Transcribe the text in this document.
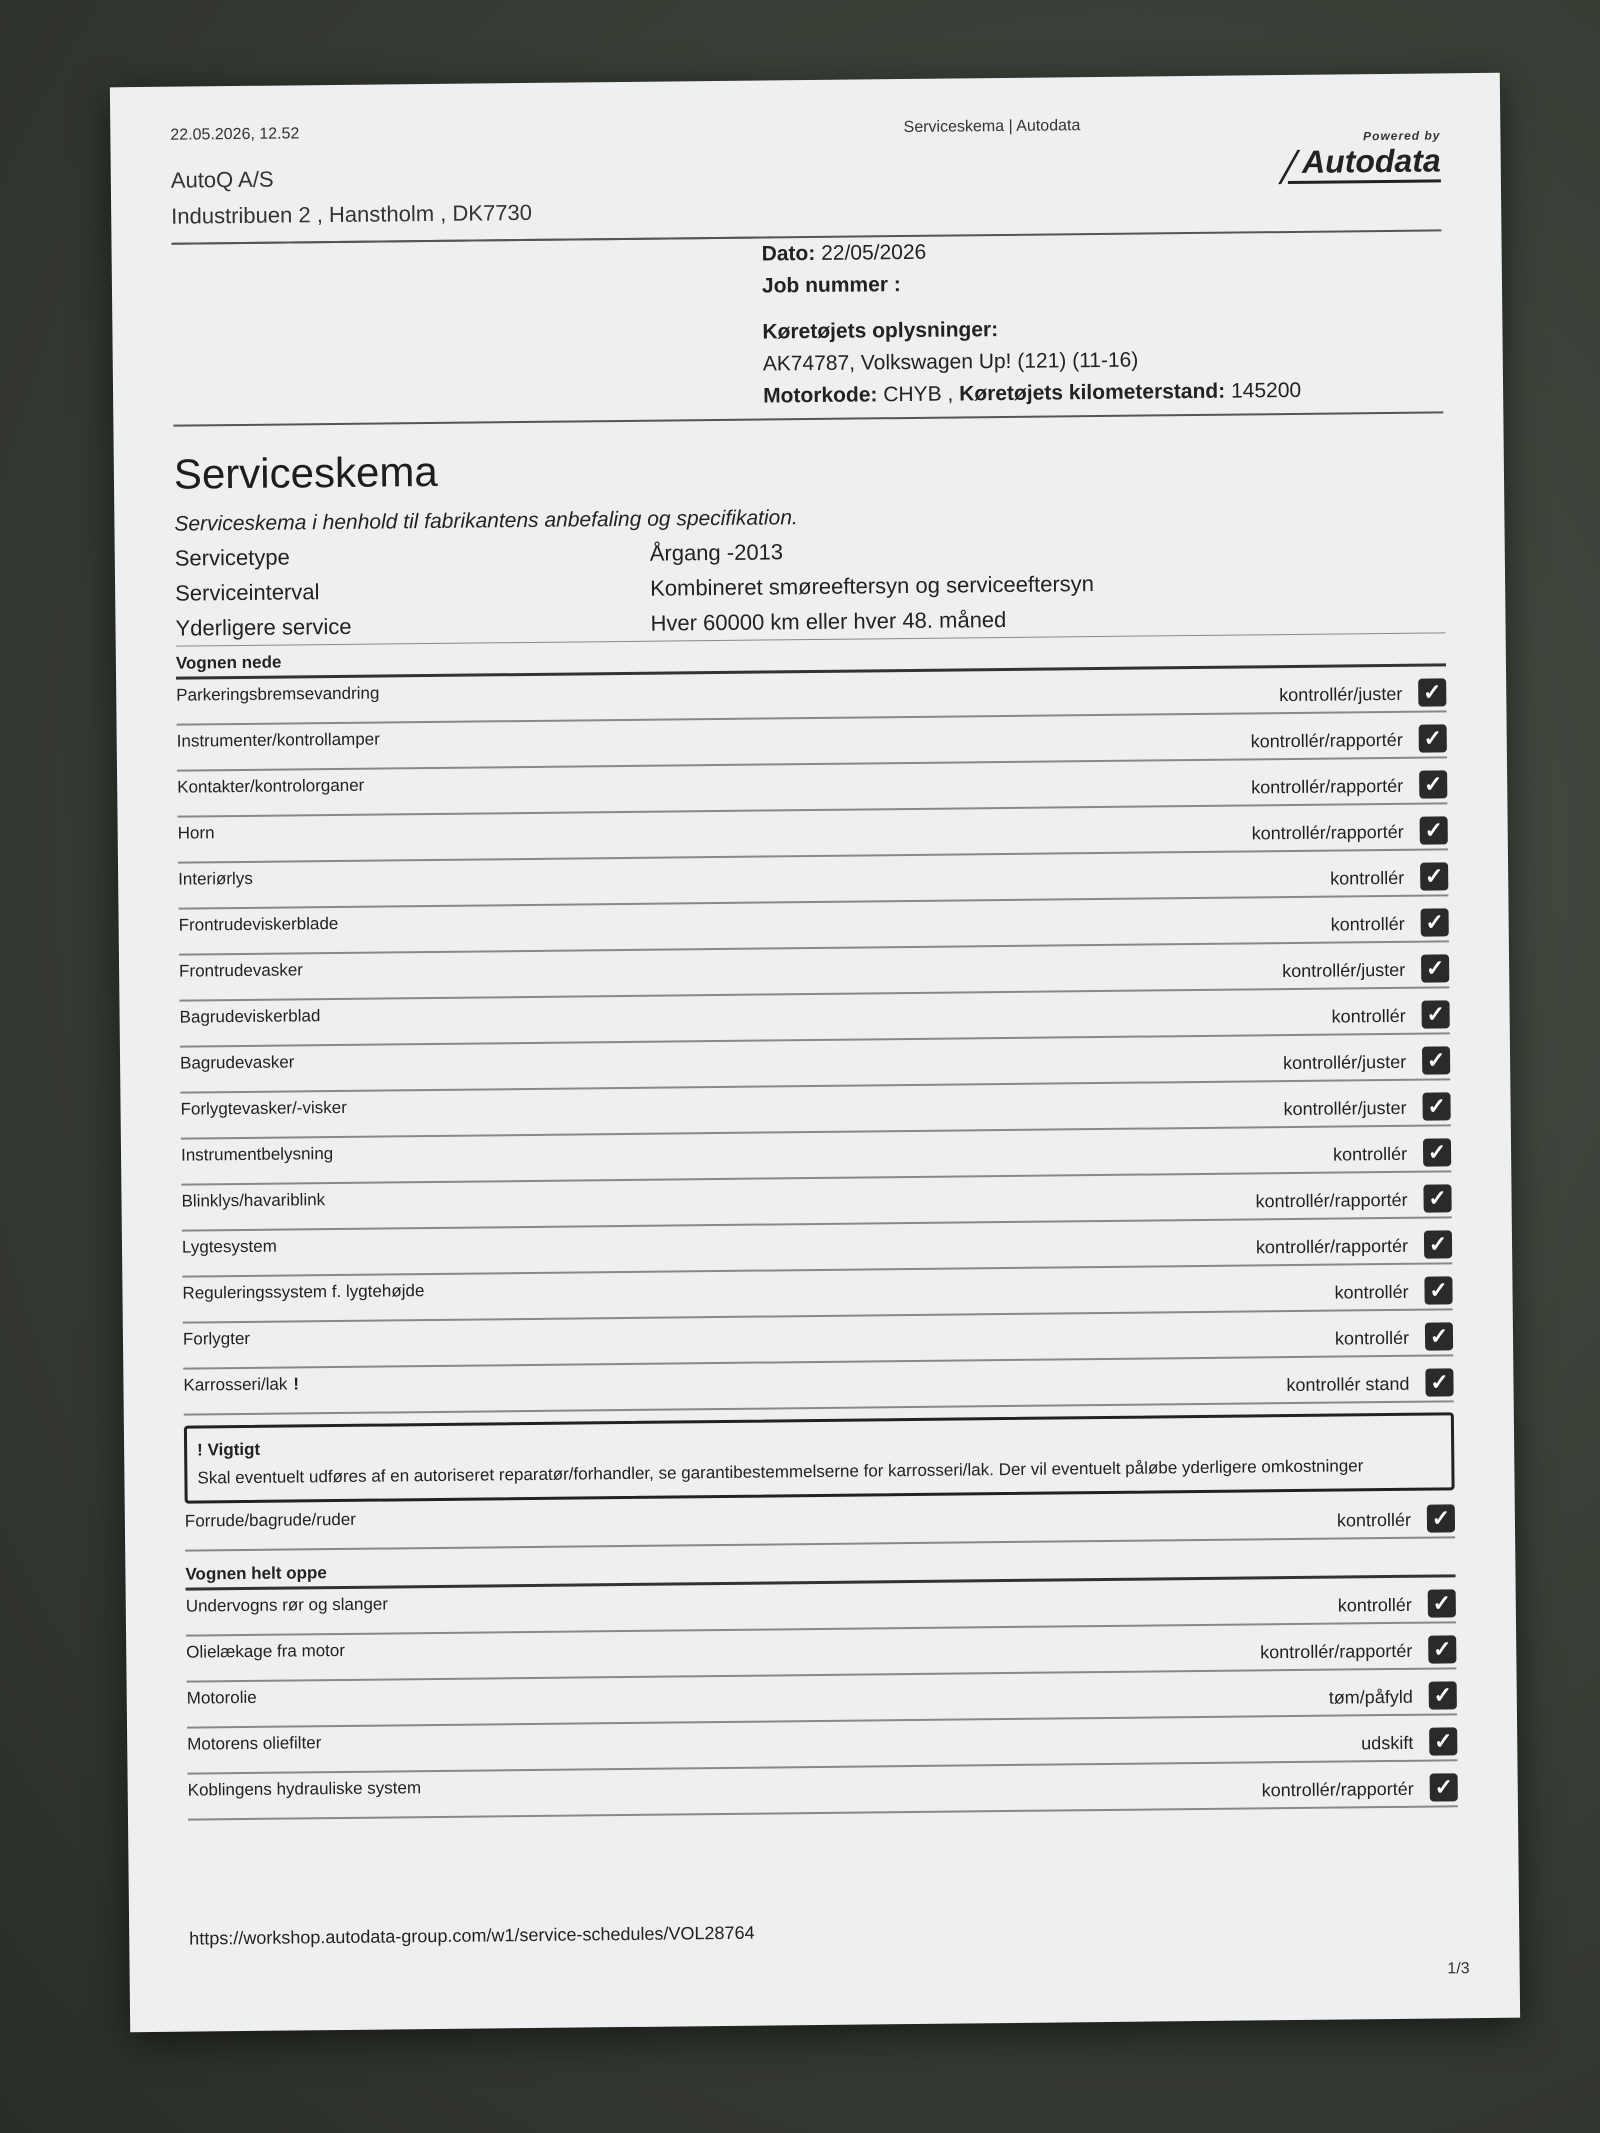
22.05.2026, 12.52	Serviceskema | Autodata	Powered by
Autodata
AutoQ A/S
Industribuen 2 , Hanstholm , DK7730
Dato: 22/05/2026
Job nummer :
Køretøjets oplysninger:
AK74787, Volkswagen Up! (121) (11-16)
Motorkode: CHYB , Køretøjets kilometerstand: 145200
Serviceskema
Serviceskema i henhold til fabrikantens anbefaling og specifikation.
Servicetype	Årgang -2013
Serviceinterval	Kombineret smøreeftersyn og serviceeftersyn
Yderligere service	Hver 60000 km eller hver 48. måned
Vognen nede
Parkeringsbremsevandring	kontrollér/juster ✓
Instrumenter/kontrollamper	kontrollér/rapportér ✓
Kontakter/kontrolorganer	kontrollér/rapportér ✓
Horn	kontrollér/rapportér ✓
Interiørlys	kontrollér ✓
Frontrudeviskerblade	kontrollér ✓
Frontrudevasker	kontrollér/juster ✓
Bagrudeviskerblad	kontrollér ✓
Bagrudevasker	kontrollér/juster ✓
Forlygtevasker/-visker	kontrollér/juster ✓
Instrumentbelysning	kontrollér ✓
Blinklys/havariblink	kontrollér/rapportér ✓
Lygtesystem	kontrollér/rapportér ✓
Reguleringssystem f. lygtehøjde	kontrollér ✓
Forlygter	kontrollér ✓
Karrosseri/lak !	kontrollér stand ✓
! Vigtigt
Skal eventuelt udføres af en autoriseret reparatør/forhandler, se garantibestemmelserne for karrosseri/lak. Der vil eventuelt påløbe yderligere omkostninger
Forrude/bagrude/ruder	kontrollér ✓
Vognen helt oppe
Undervogns rør og slanger	kontrollér ✓
Olielækage fra motor	kontrollér/rapportér ✓
Motorolie	tøm/påfyld ✓
Motorens oliefilter	udskift ✓
Koblingens hydrauliske system	kontrollér/rapportér ✓
https://workshop.autodata-group.com/w1/service-schedules/VOL28764
1/3
